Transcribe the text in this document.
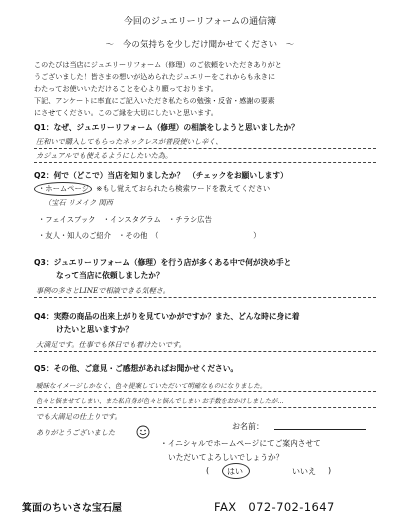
今回のジュエリーリフォームの通信簿
～　今の気持ちを少しだけ聞かせてください　～
このたびは当店にジュエリーリフォーム（修理）のご依頼をいただきありがと
うございました！皆さまの想いが込められたジュエリーをこれからも永きに
わたってお使いいただけることを心より願っております。
下記、アンケートに率直にご記入いただき私たちの勉強・反省・感謝の要素
にさせてください。このご縁を大切にしたいと思います。
Q1：なぜ、ジュエリーリフォーム（修理）の相談をしようと思いましたか？
圧和いで購入してもらったネックレスが普段使いし辛く、
カジュアルでも使えるようにしたいた為。
Q2：何で（どこで）当店を知りましたか？　（チェックをお願いします）
・ホームページ　※もし覚えておられたら検索ワードを教えてください
（宝石 リメイク 関西
・フェイスブック　・インスタグラム　・チラシ広告
・友人・知人のご紹介　・その他　（　　　　　　　　　　　　　）
Q3：ジュエリーリフォーム（修理）を行う店が多くある中で何が決め手と
なって当店に依頼しましたか？
事例の多さとLINEで相談できる気軽さ。
Q4：実際の商品の出来上がりを見ていかがですか？また、どんな時に身に着
けたいと思いますか？
大満足です。仕事でも休日でも着けたいです。
Q5：その他、ご意見・ご感想があればお聞かせください。
曖昧なイメージしかなく、色々提案していただいて明確なものになりました。
色々と悩ませてしまい、また私自身が色々と悩んでしまい お手数をおかけしましたが…
でも大満足の仕上りです。
ありがとうございました
お名前：
・イニシャルでホームページにてご案内させて
いただいてよろしいでしょうか？
( はい	いいえ )
箕面のちいさな宝石屋	FAX　072-702-1647
